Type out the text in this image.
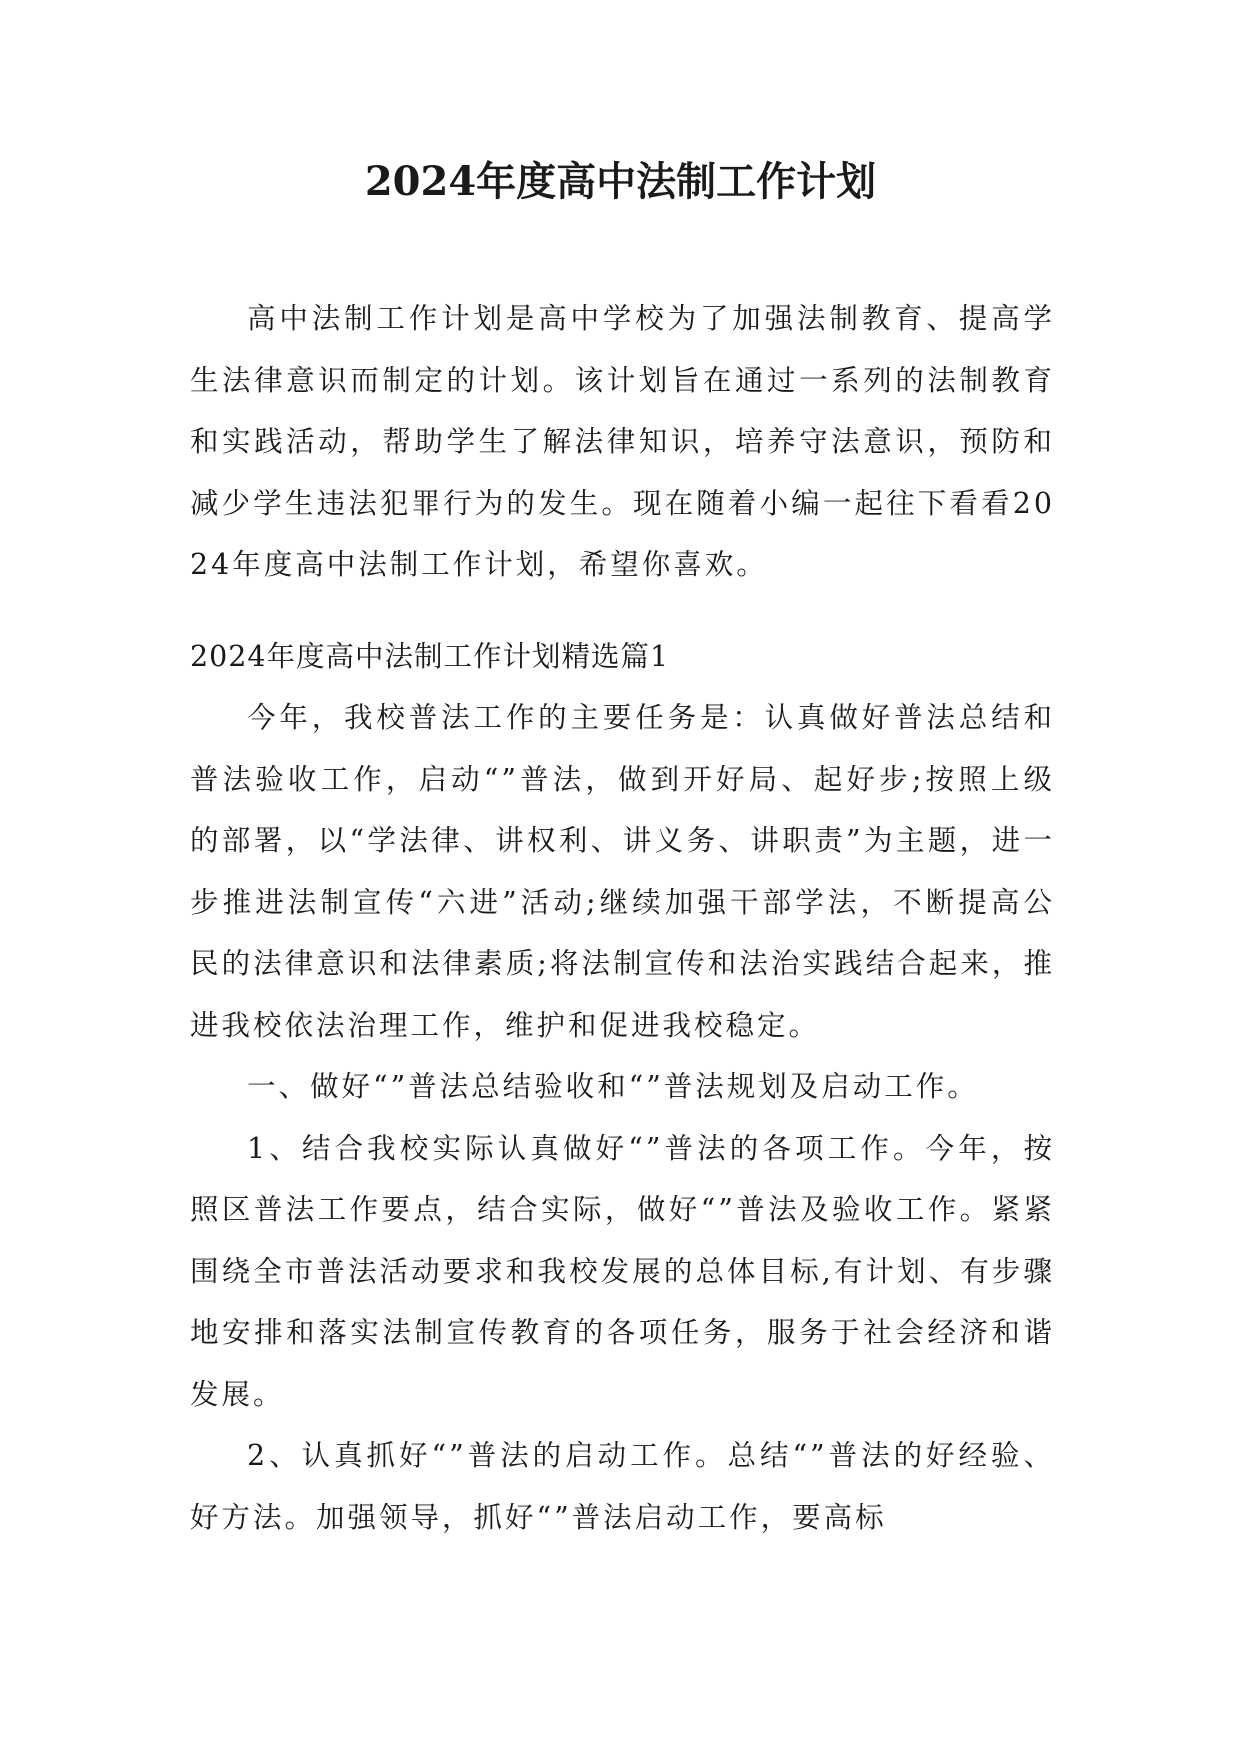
2024年度高中法制工作计划

高中法制工作计划是高中学校为了加强法制教育、提高学生法律意识而制定的计划。该计划旨在通过一系列的法制教育和实践活动，帮助学生了解法律知识，培养守法意识，预防和减少学生违法犯罪行为的发生。现在随着小编一起往下看看2024年度高中法制工作计划，希望你喜欢。

2024年度高中法制工作计划精选篇1

今年，我校普法工作的主要任务是：认真做好普法总结和普法验收工作，启动“”普法，做到开好局、起好步;按照上级的部署，以“学法律、讲权利、讲义务、讲职责”为主题，进一步推进法制宣传“六进”活动;继续加强干部学法，不断提高公民的法律意识和法律素质;将法制宣传和法治实践结合起来，推进我校依法治理工作，维护和促进我校稳定。

一、做好“”普法总结验收和“”普法规划及启动工作。

1、结合我校实际认真做好“”普法的各项工作。今年，按照区普法工作要点，结合实际，做好“”普法及验收工作。紧紧围绕全市普法活动要求和我校发展的总体目标,有计划、有步骤地安排和落实法制宣传教育的各项任务，服务于社会经济和谐发展。

2、认真抓好“”普法的启动工作。总结“”普法的好经验、好方法。加强领导，抓好“”普法启动工作，要高标
